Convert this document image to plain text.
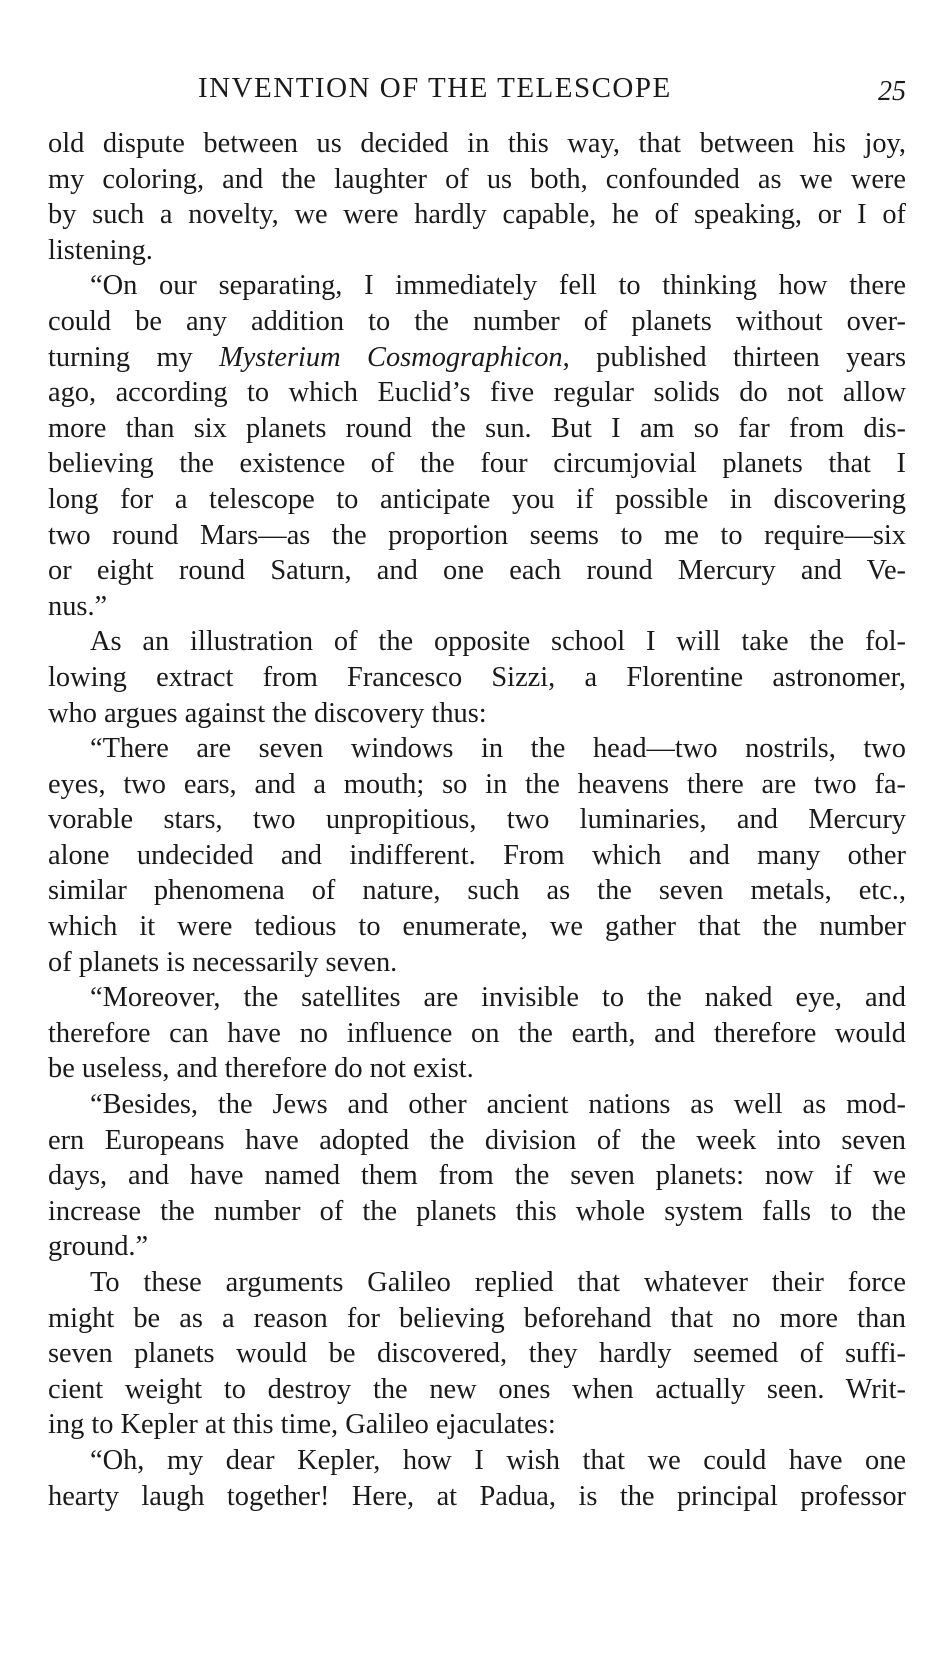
INVENTION OF THE TELESCOPE	25
old dispute between us decided in this way, that between his joy,
my coloring, and the laughter of us both, confounded as we were
by such a novelty, we were hardly capable, he of speaking, or I of
listening.
“On our separating, I immediately fell to thinking how there
could be any addition to the number of planets without over-
turning my Mysterium Cosmographicon, published thirteen years
ago, according to which Euclid’s five regular solids do not allow
more than six planets round the sun. But I am so far from dis-
believing the existence of the four circumjovial planets that I
long for a telescope to anticipate you if possible in discovering
two round Mars—as the proportion seems to me to require—six
or eight round Saturn, and one each round Mercury and Ve-
nus.”
As an illustration of the opposite school I will take the fol-
lowing extract from Francesco Sizzi, a Florentine astronomer,
who argues against the discovery thus:
“There are seven windows in the head—two nostrils, two
eyes, two ears, and a mouth; so in the heavens there are two fa-
vorable stars, two unpropitious, two luminaries, and Mercury
alone undecided and indifferent. From which and many other
similar phenomena of nature, such as the seven metals, etc.,
which it were tedious to enumerate, we gather that the number
of planets is necessarily seven.
“Moreover, the satellites are invisible to the naked eye, and
therefore can have no influence on the earth, and therefore would
be useless, and therefore do not exist.
“Besides, the Jews and other ancient nations as well as mod-
ern Europeans have adopted the division of the week into seven
days, and have named them from the seven planets: now if we
increase the number of the planets this whole system falls to the
ground.”
To these arguments Galileo replied that whatever their force
might be as a reason for believing beforehand that no more than
seven planets would be discovered, they hardly seemed of suffi-
cient weight to destroy the new ones when actually seen. Writ-
ing to Kepler at this time, Galileo ejaculates:
“Oh, my dear Kepler, how I wish that we could have one
hearty laugh together! Here, at Padua, is the principal professor
